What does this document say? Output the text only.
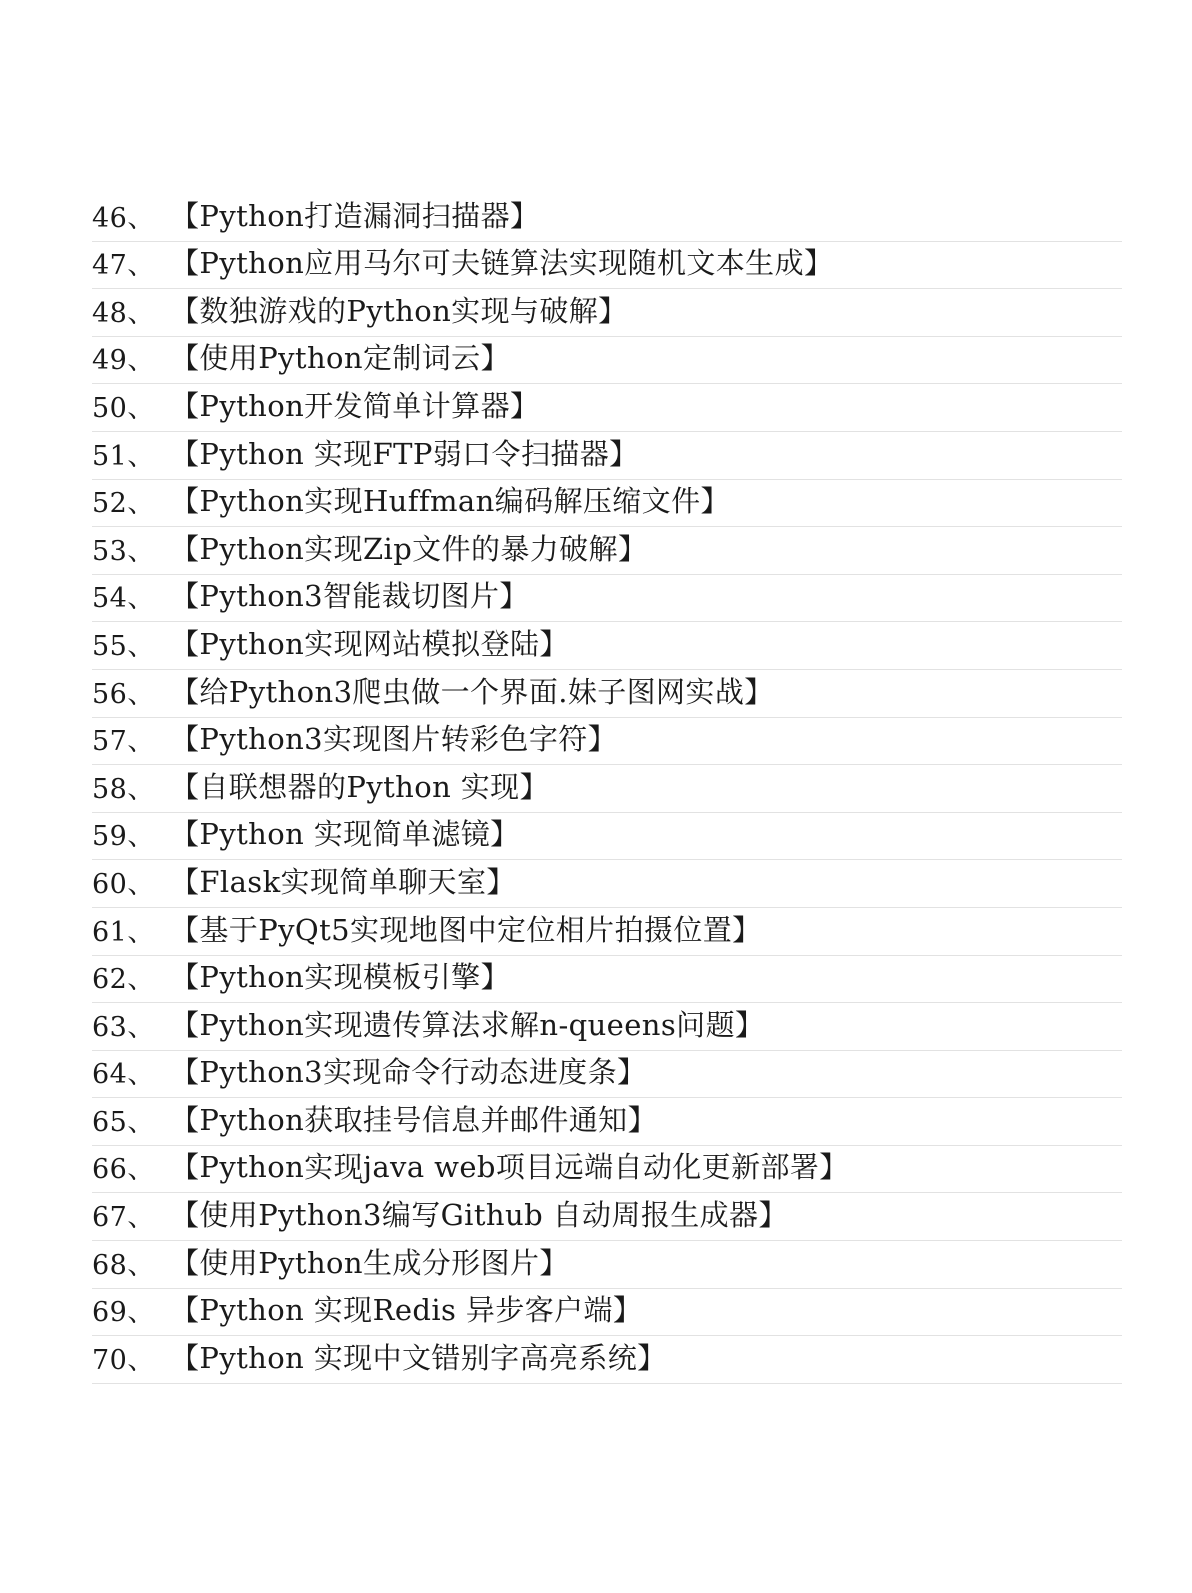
46、 【Python打造漏洞扫描器】
47、 【Python应用马尔可夫链算法实现随机文本生成】
48、 【数独游戏的Python实现与破解】
49、 【使用Python定制词云】
50、 【Python开发简单计算器】
51、 【Python 实现FTP弱口令扫描器】
52、 【Python实现Huffman编码解压缩文件】
53、 【Python实现Zip文件的暴力破解】
54、 【Python3智能裁切图片】
55、 【Python实现网站模拟登陆】
56、 【给Python3爬虫做一个界面.妹子图网实战】
57、 【Python3实现图片转彩色字符】
58、 【自联想器的Python 实现】
59、 【Python 实现简单滤镜】
60、 【Flask实现简单聊天室】
61、 【基于PyQt5实现地图中定位相片拍摄位置】
62、 【Python实现模板引擎】
63、 【Python实现遗传算法求解n-queens问题】
64、 【Python3实现命令行动态进度条】
65、 【Python获取挂号信息并邮件通知】
66、 【Python实现java web项目远端自动化更新部署】
67、 【使用Python3编写Github 自动周报生成器】
68、 【使用Python生成分形图片】
69、 【Python 实现Redis 异步客户端】
70、 【Python 实现中文错别字高亮系统】
